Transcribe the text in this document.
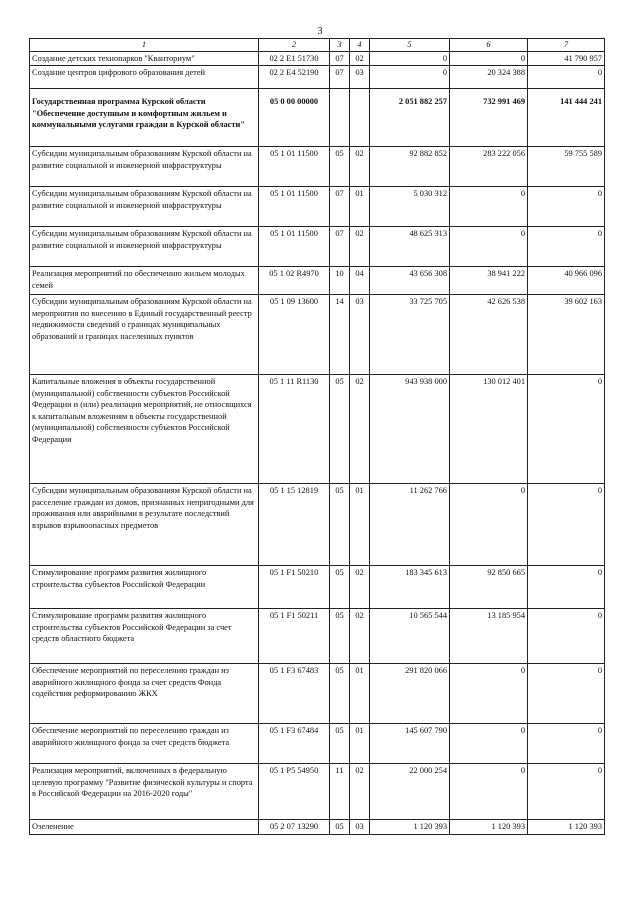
3
1	2	3	4	5	6	7
Создание детских технопарков "Кванториум"	02 2 E1 51730	07	02	0	0	41 790 957
Создание центров цифрового образования детей	02 2 E4 52190	07	03	0	20 324 388	0
Государственная программа Курской области "Обеспечение доступным и комфортным жильем и коммунальными услугами граждан в Курской области"	05 0 00 00000			2 051 882 257	732 991 469	141 444 241
Субсидии муниципальным образованиям Курской области на развитие социальной и инженерной инфраструктуры	05 1 01 11500	05	02	92 882 852	283 222 056	59 755 589
Субсидии муниципальным образованиям Курской области на развитие социальной и инженерной инфраструктуры	05 1 01 11500	07	01	5 030 312	0	0
Субсидии муниципальным образованиям Курской области на развитие социальной и инженерной инфраструктуры	05 1 01 11500	07	02	48 625 313	0	0
Реализация мероприятий по обеспечению жильем молодых семей	05 1 02 R4970	10	04	43 656 308	38 941 222	40 966 096
Субсидии муниципальным образованиям Курской области на мероприятия по внесению в Единый государственный реестр недвижимости сведений о границах муниципальных образований и границах населенных пунктов	05 1 09 13600	14	03	33 725 705	42 626 538	39 602 163
Капитальные вложения в объекты государственной (муниципальной) собственности субъектов Российской Федерации и (или) реализация мероприятий, не относящихся к капитальным вложениям в объекты государственной (муниципальной) собственности субъектов Российской Федерации	05 1 11 R1130	05	02	943 938 000	130 012 401	0
Субсидии муниципальным образованиям Курской области на расселение граждан из домов, признанных непригодными для проживания или аварийными в результате последствий взрывов взрывоопасных предметов	05 1 15 12819	05	01	11 262 766	0	0
Стимулирование программ развития жилищного строительства субъектов Российской Федерации	05 1 F1 50210	05	02	183 345 613	92 850 665	0
Стимулирование программ развития жилищного строительства субъектов Российской Федерации за счет средств областного бюджета	05 1 F1 50211	05	02	10 565 544	13 185 954	0
Обеспечение мероприятий по переселению граждан из аварийного жилищного фонда за счет средств Фонда содействия реформированию ЖКХ	05 1 F3 67483	05	01	291 820 066	0	0
Обеспечение мероприятий по переселению граждан из аварийного жилищного фонда за счет средств бюджета	05 1 F3 67484	05	01	145 607 790	0	0
Реализация мероприятий, включенных в федеральную целевую программу "Развитие физической культуры и спорта в Российской Федерации на 2016-2020 годы"	05 1 P5 54950	11	02	22 000 254	0	0
Озеленение	05 2 07 13290	05	03	1 120 393	1 120 393	1 120 393
